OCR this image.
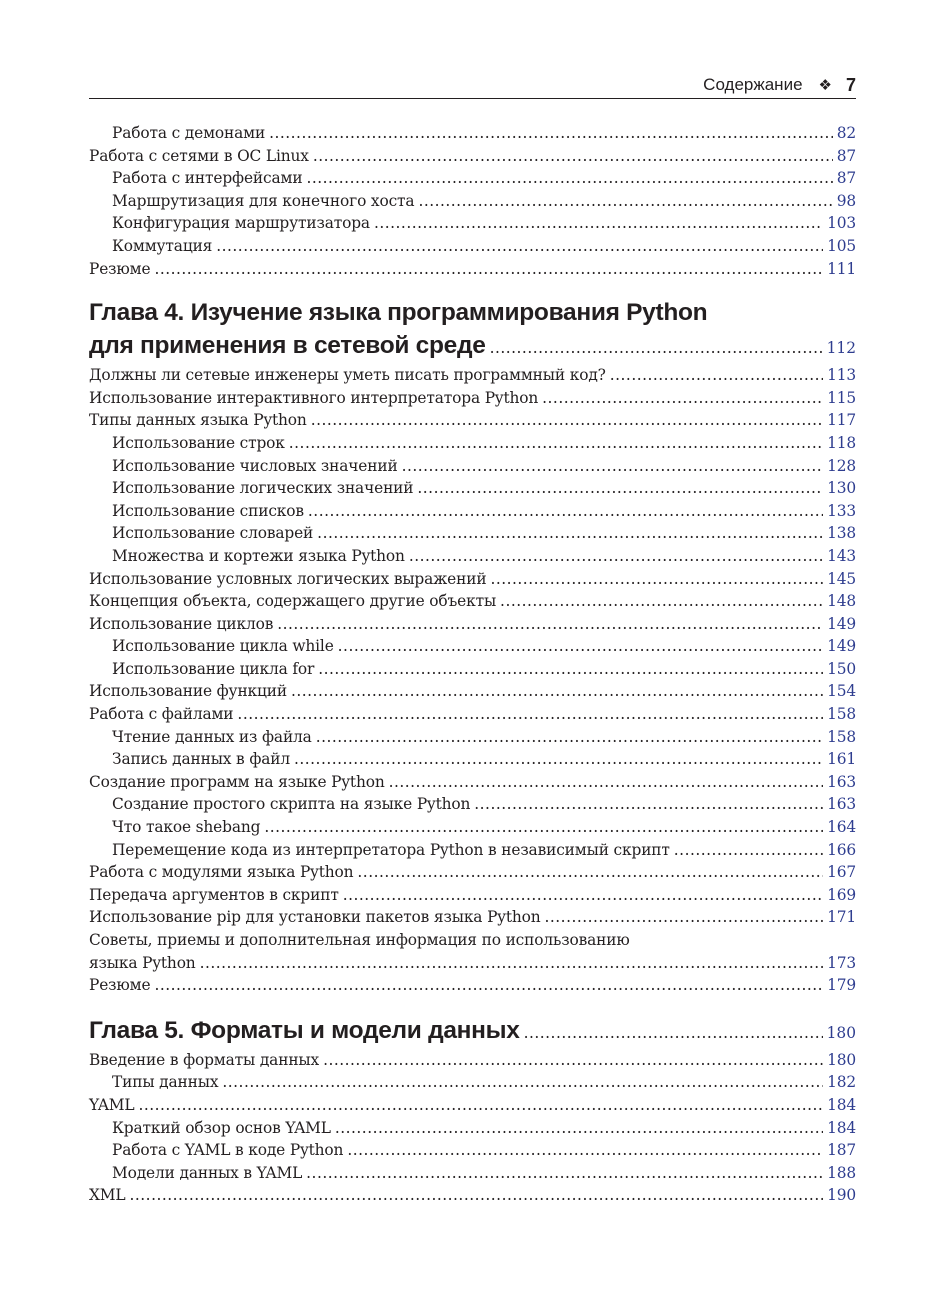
Содержание ❖ 7
Работа с демонами .....	82
Работа с сетями в ОС Linux .....	87
Работа с интерфейсами .....	87
Маршрутизация для конечного хоста .....	98
Конфигурация маршрутизатора .....	103
Коммутация .....	105
Резюме .....	111
Глава 4. Изучение языка программирования Python
для применения в сетевой среде .....	112
Должны ли сетевые инженеры уметь писать программный код? .....	113
Использование интерактивного интерпретатора Python .....	115
Типы данных языка Python .....	117
Использование строк .....	118
Использование числовых значений .....	128
Использование логических значений .....	130
Использование списков .....	133
Использование словарей .....	138
Множества и кортежи языка Python .....	143
Использование условных логических выражений .....	145
Концепция объекта, содержащего другие объекты .....	148
Использование циклов .....	149
Использование цикла while .....	149
Использование цикла for .....	150
Использование функций .....	154
Работа с файлами .....	158
Чтение данных из файла .....	158
Запись данных в файл .....	161
Создание программ на языке Python .....	163
Создание простого скрипта на языке Python .....	163
Что такое shebang .....	164
Перемещение кода из интерпретатора Python в независимый скрипт .....	166
Работа с модулями языка Python .....	167
Передача аргументов в скрипт .....	169
Использование pip для установки пакетов языка Python .....	171
Советы, приемы и дополнительная информация по использованию
языка Python .....	173
Резюме .....	179
Глава 5. Форматы и модели данных .....	180
Введение в форматы данных .....	180
Типы данных .....	182
YAML .....	184
Краткий обзор основ YAML .....	184
Работа с YAML в коде Python .....	187
Модели данных в YAML .....	188
XML .....	190
